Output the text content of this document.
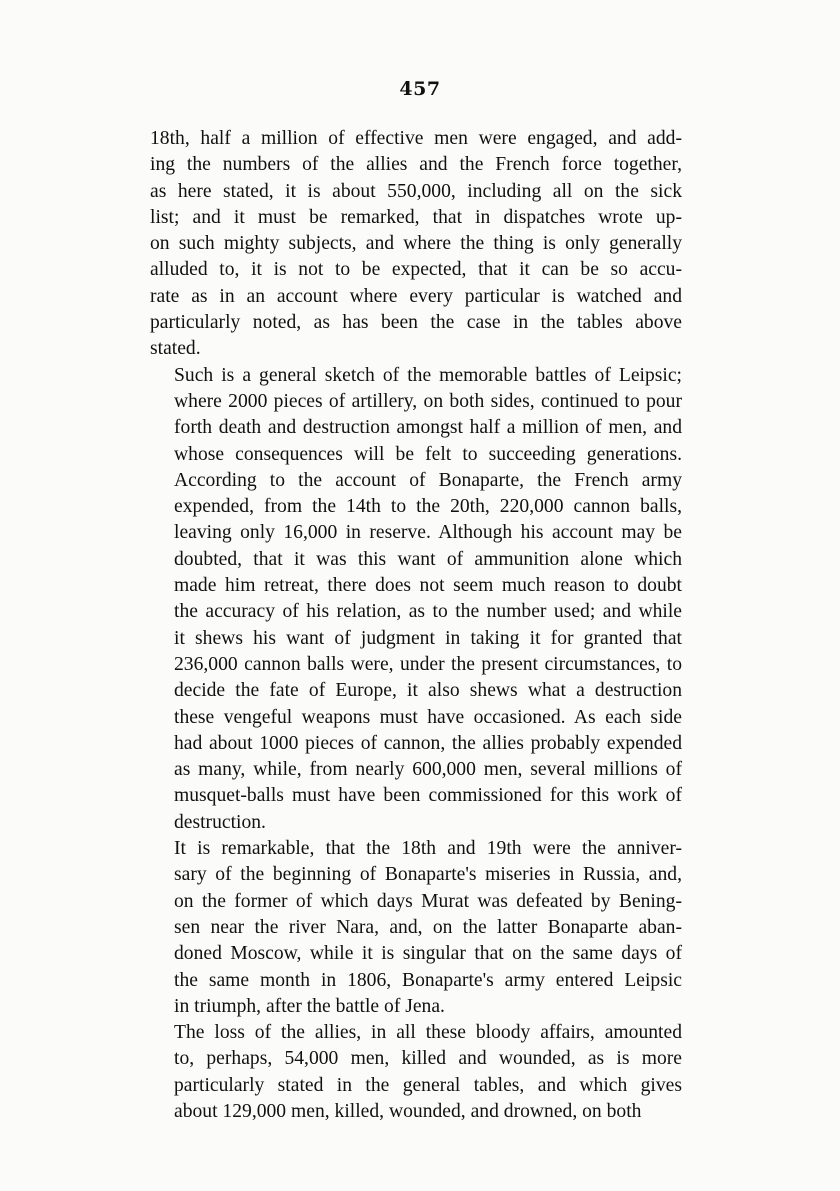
457
18th, half a million of effective men were engaged, and add-
ing the numbers of the allies and the French force together,
as here stated, it is about 550,000, including all on the sick
list; and it must be remarked, that in dispatches wrote up-
on such mighty subjects, and where the thing is only generally
alluded to, it is not to be expected, that it can be so accu-
rate as in an account where every particular is watched and
particularly noted, as has been the case in the tables above
stated.
Such is a general sketch of the memorable battles of Leipsic;
where 2000 pieces of artillery, on both sides, continued to pour
forth death and destruction amongst half a million of men, and
whose consequences will be felt to succeeding generations.
According to the account of Bonaparte, the French army
expended, from the 14th to the 20th, 220,000 cannon balls,
leaving only 16,000 in reserve. Although his account may be
doubted, that it was this want of ammunition alone which
made him retreat, there does not seem much reason to doubt
the accuracy of his relation, as to the number used; and while
it shews his want of judgment in taking it for granted that
236,000 cannon balls were, under the present circumstances, to
decide the fate of Europe, it also shews what a destruction
these vengeful weapons must have occasioned. As each side
had about 1000 pieces of cannon, the allies probably expended
as many, while, from nearly 600,000 men, several millions of
musquet-balls must have been commissioned for this work of
destruction.
It is remarkable, that the 18th and 19th were the anniver-
sary of the beginning of Bonaparte's miseries in Russia, and,
on the former of which days Murat was defeated by Bening-
sen near the river Nara, and, on the latter Bonaparte aban-
doned Moscow, while it is singular that on the same days of
the same month in 1806, Bonaparte's army entered Leipsic
in triumph, after the battle of Jena.
The loss of the allies, in all these bloody affairs, amounted
to, perhaps, 54,000 men, killed and wounded, as is more
particularly stated in the general tables, and which gives
about 129,000 men, killed, wounded, and drowned, on both
